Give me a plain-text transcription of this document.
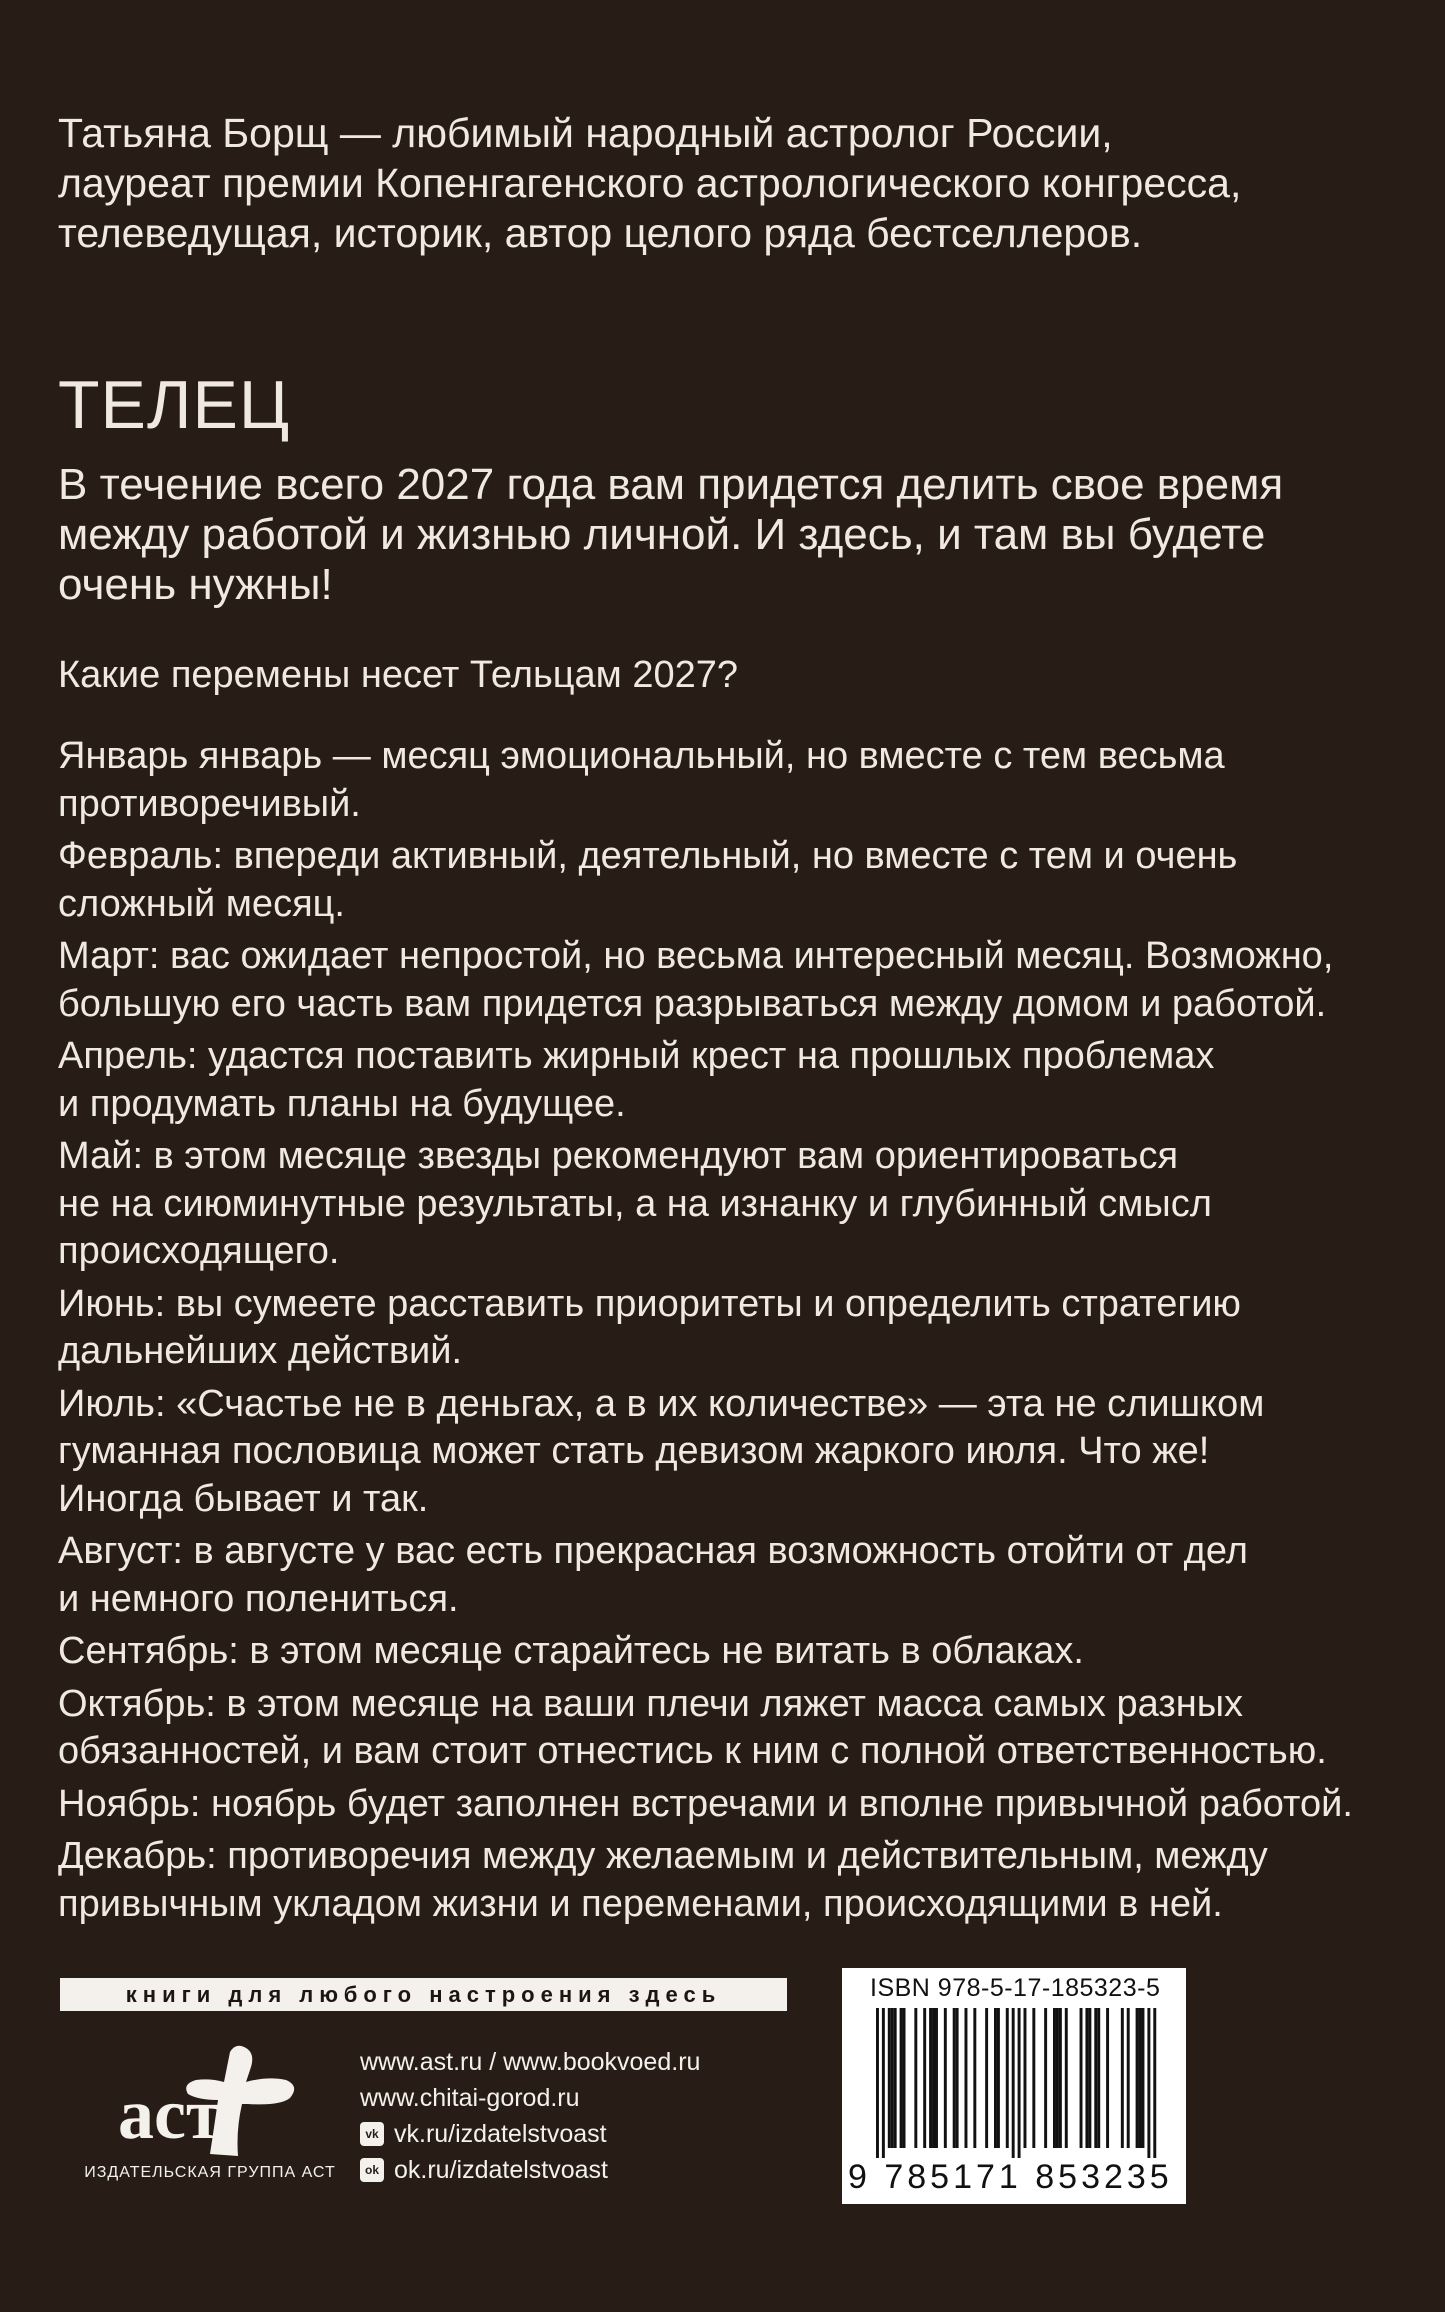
Татьяна Борщ — любимый народный астролог России,

лауреат премии Копенгагенского астрологического конгресса,

телеведущая, историк, автор целого ряда бестселлеров.

ТЕЛЕЦ

В течение всего 2027 года вам придется делить свое время

между работой и жизнью личной. И здесь, и там вы будете

очень нужны!

Какие перемены несет Тельцам 2027?

Январь январь — месяц эмоциональный, но вместе с тем весьма

противоречивый.

Февраль: впереди активный, деятельный, но вместе с тем и очень

сложный месяц.

Март: вас ожидает непростой, но весьма интересный месяц. Возможно,

большую его часть вам придется разрываться между домом и работой.

Апрель: удастся поставить жирный крест на прошлых проблемах

и продумать планы на будущее.

Май: в этом месяце звезды рекомендуют вам ориентироваться

не на сиюминутные результаты, а на изнанку и глубинный смысл

происходящего.

Июнь: вы сумеете расставить приоритеты и определить стратегию

дальнейших действий.

Июль: «Счастье не в деньгах, а в их количестве» — эта не слишком

гуманная пословица может стать девизом жаркого июля. Что же!

Иногда бывает и так.

Август: в августе у вас есть прекрасная возможность отойти от дел

и немного полениться.

Сентябрь: в этом месяце старайтесь не витать в облаках.

Октябрь: в этом месяце на ваши плечи ляжет масса самых разных

обязанностей, и вам стоит отнестись к ним с полной ответственностью.

Ноябрь: ноябрь будет заполнен встречами и вполне привычной работой.

Декабрь: противоречия между желаемым и действительным, между

привычным укладом жизни и переменами, происходящими в ней.

книги для любого настроения здесь
аст
ИЗДАТЕЛЬСКАЯ ГРУППА АСТ
www.ast.ru / www.bookvoed.ru
www.chitai-gorod.ru
vk vk.ru/izdatelstvoast
ok ok.ru/izdatelstvoast
ISBN 978-5-17-185323-5
9 785171 853235
